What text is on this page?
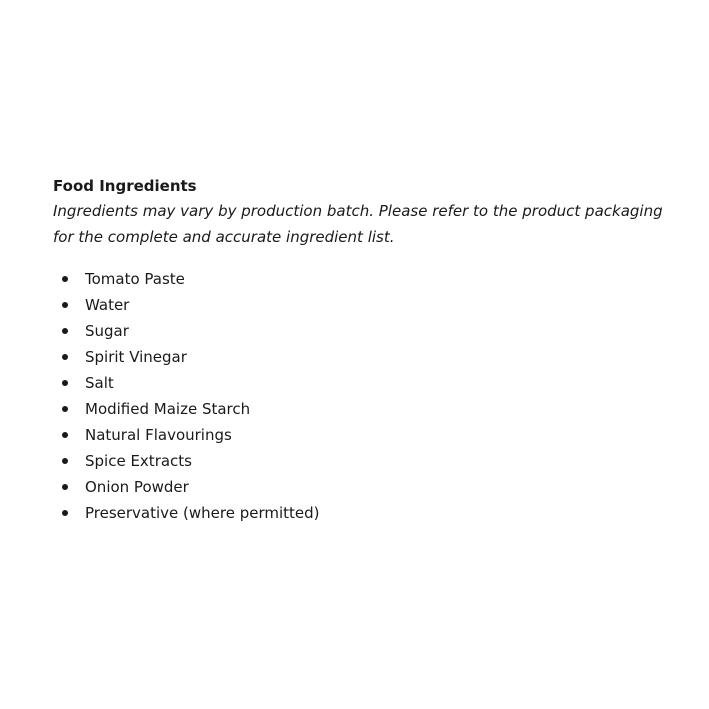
Food Ingredients

Ingredients may vary by production batch. Please refer to the product packaging for the complete and accurate ingredient list.

Tomato Paste
Water
Sugar
Spirit Vinegar
Salt
Modified Maize Starch
Natural Flavourings
Spice Extracts
Onion Powder
Preservative (where permitted)
